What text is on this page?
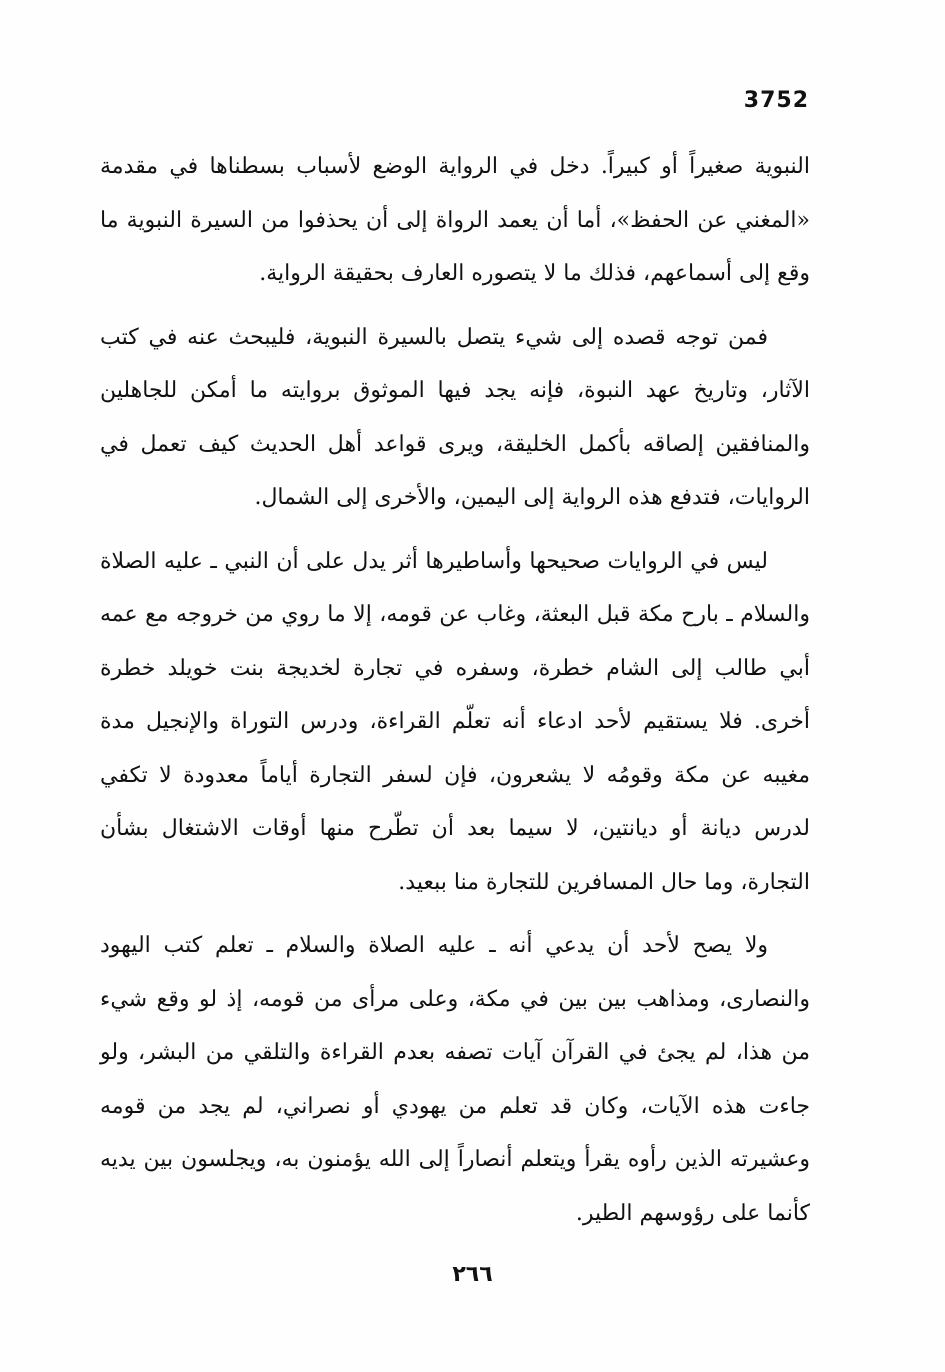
3752

النبوية صغيراً أو كبيراً. دخل في الرواية الوضع لأسباب بسطناها في مقدمة «المغني عن الحفظ»، أما أن يعمد الرواة إلى أن يحذفوا من السيرة النبوية ما وقع إلى أسماعهم، فذلك ما لا يتصوره العارف بحقيقة الرواية.

فمن توجه قصده إلى شيء يتصل بالسيرة النبوية، فليبحث عنه في كتب الآثار، وتاريخ عهد النبوة، فإنه يجد فيها الموثوق بروايته ما أمكن للجاهلين والمنافقين إلصاقه بأكمل الخليقة، ويرى قواعد أهل الحديث كيف تعمل في الروايات، فتدفع هذه الرواية إلى اليمين، والأخرى إلى الشمال.

ليس في الروايات صحيحها وأساطيرها أثر يدل على أن النبي ـ عليه الصلاة والسلام ـ بارح مكة قبل البعثة، وغاب عن قومه، إلا ما روي من خروجه مع عمه أبي طالب إلى الشام خطرة، وسفره في تجارة لخديجة بنت خويلد خطرة أخرى. فلا يستقيم لأحد ادعاء أنه تعلّم القراءة، ودرس التوراة والإنجيل مدة مغيبه عن مكة وقومُه لا يشعرون، فإن لسفر التجارة أياماً معدودة لا تكفي لدرس ديانة أو ديانتين، لا سيما بعد أن تطّرح منها أوقات الاشتغال بشأن التجارة، وما حال المسافرين للتجارة منا ببعيد.

ولا يصح لأحد أن يدعي أنه ـ عليه الصلاة والسلام ـ تعلم كتب اليهود والنصارى، ومذاهب بين بين في مكة، وعلى مرأى من قومه، إذ لو وقع شيء من هذا، لم يجئ في القرآن آيات تصفه بعدم القراءة والتلقي من البشر، ولو جاءت هذه الآيات، وكان قد تعلم من يهودي أو نصراني، لم يجد من قومه وعشيرته الذين رأوه يقرأ ويتعلم أنصاراً إلى الله يؤمنون به، ويجلسون بين يديه كأنما على رؤوسهم الطير.

٢٦٦
